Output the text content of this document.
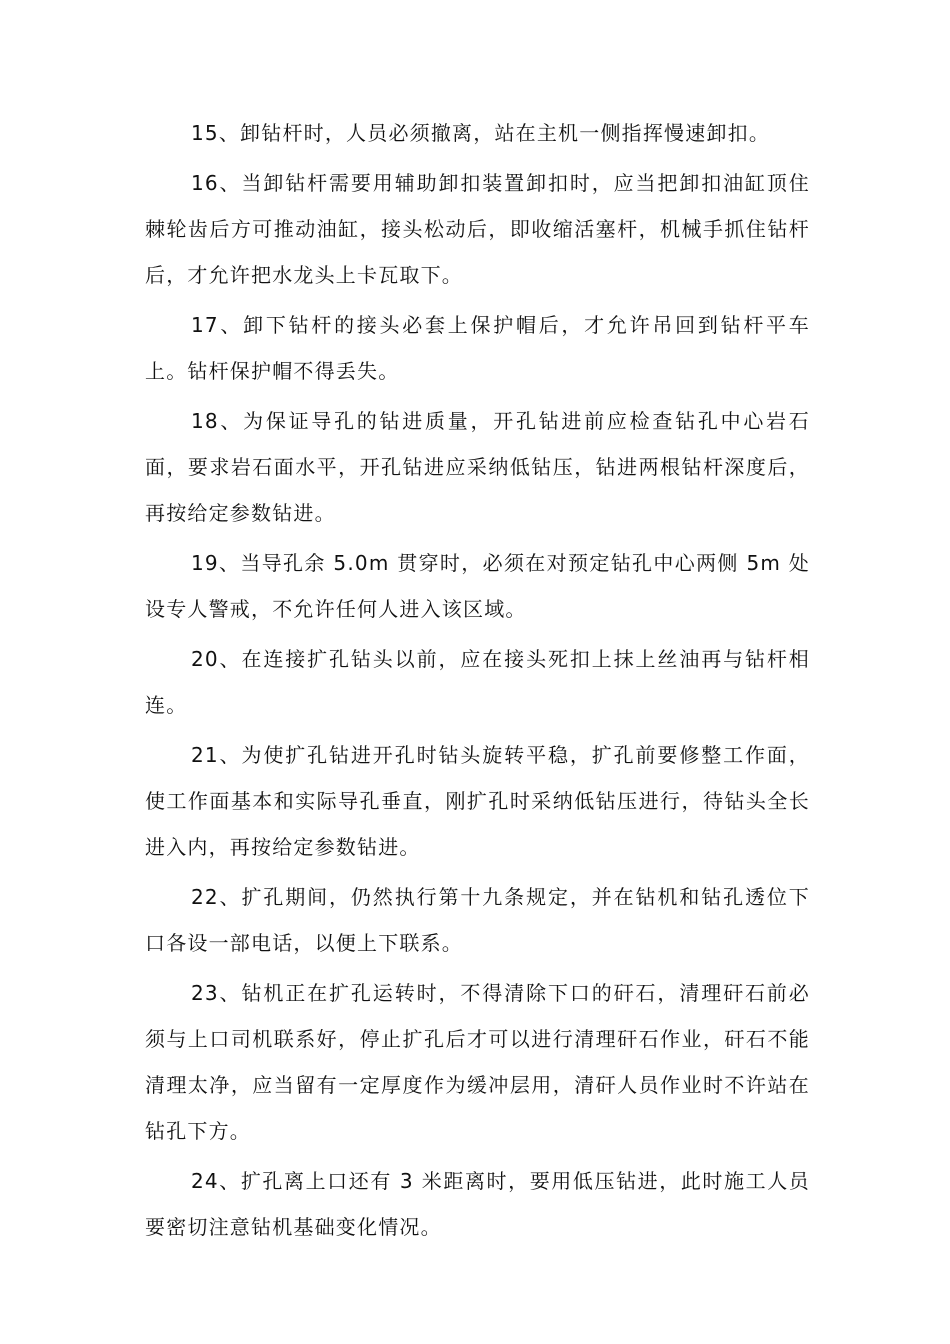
15、卸钻杆时，人员必须撤离，站在主机一侧指挥慢速卸扣。

16、当卸钻杆需要用辅助卸扣装置卸扣时，应当把卸扣油缸顶住棘轮齿后方可推动油缸，接头松动后，即收缩活塞杆，机械手抓住钻杆后，才允许把水龙头上卡瓦取下。

17、卸下钻杆的接头必套上保护帽后，才允许吊回到钻杆平车上。钻杆保护帽不得丢失。

18、为保证导孔的钻进质量，开孔钻进前应检查钻孔中心岩石面，要求岩石面水平，开孔钻进应采纳低钻压，钻进两根钻杆深度后，再按给定参数钻进。

19、当导孔余 5.0m 贯穿时，必须在对预定钻孔中心两侧 5m 处设专人警戒，不允许任何人进入该区域。

20、在连接扩孔钻头以前，应在接头死扣上抹上丝油再与钻杆相连。

21、为使扩孔钻进开孔时钻头旋转平稳，扩孔前要修整工作面，使工作面基本和实际导孔垂直，刚扩孔时采纳低钻压进行，待钻头全长进入内，再按给定参数钻进。

22、扩孔期间，仍然执行第十九条规定，并在钻机和钻孔透位下口各设一部电话，以便上下联系。

23、钻机正在扩孔运转时，不得清除下口的矸石，清理矸石前必须与上口司机联系好，停止扩孔后才可以进行清理矸石作业，矸石不能清理太净，应当留有一定厚度作为缓冲层用，清矸人员作业时不许站在钻孔下方。

24、扩孔离上口还有 3 米距离时，要用低压钻进，此时施工人员要密切注意钻机基础变化情况。
